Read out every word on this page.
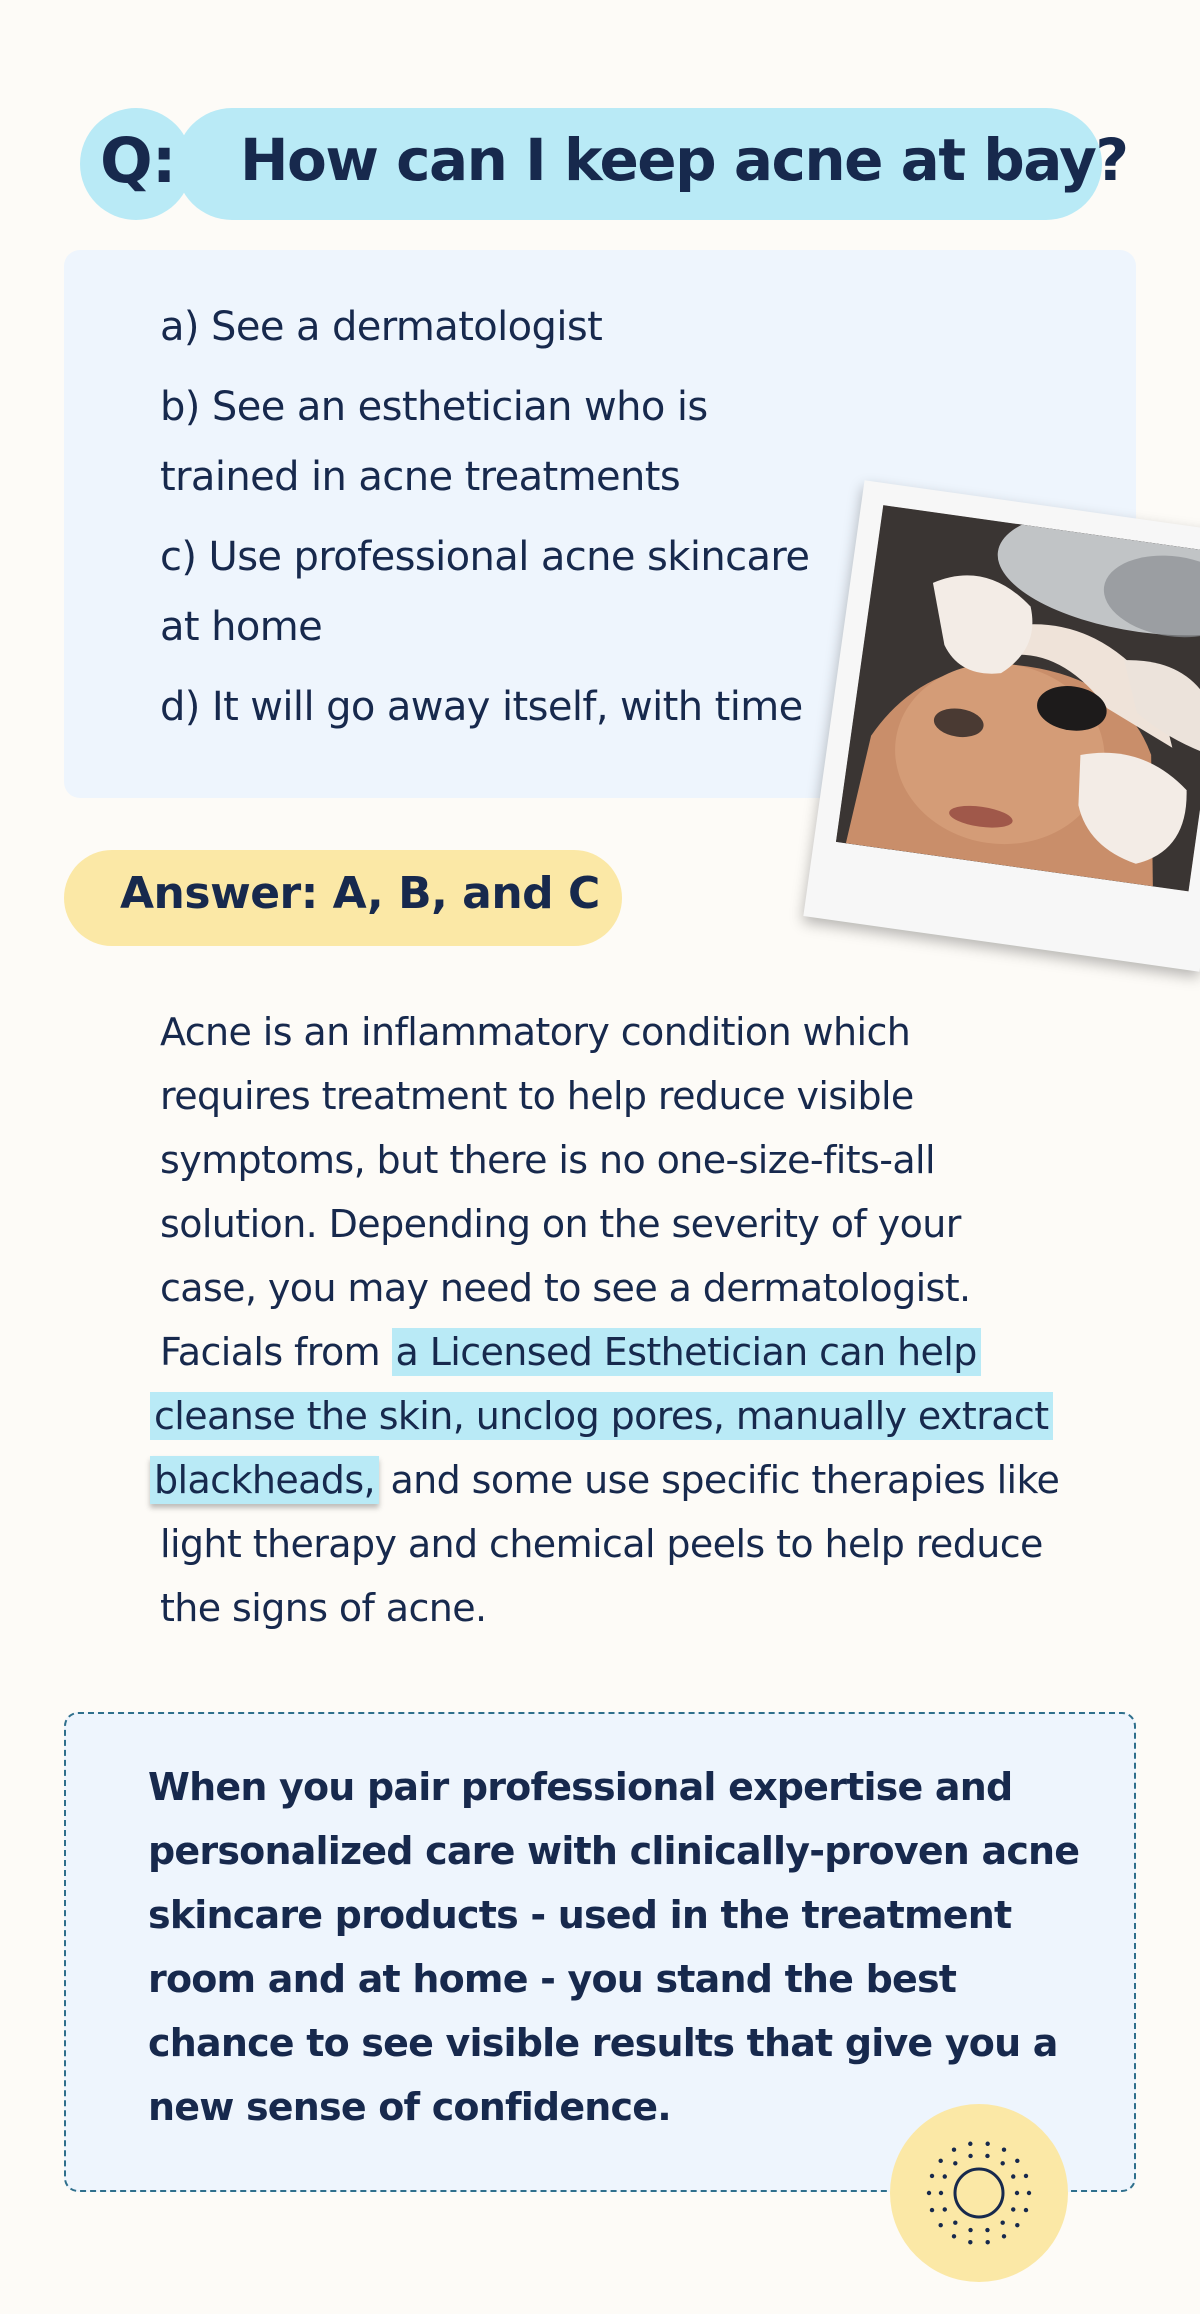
Q: How can I keep acne at bay?
a) See a dermatologist
b) See an esthetician who is
trained in acne treatments
c) Use professional acne skincare
at home
d) It will go away itself, with time
Answer: A, B, and C
Acne is an inflammatory condition which
requires treatment to help reduce visible
symptoms, but there is no one-size-fits-all
solution. Depending on the severity of your
case, you may need to see a dermatologist.
Facials from a Licensed Esthetician can help
cleanse the skin, unclog pores, manually extract
blackheads, and some use specific therapies like
light therapy and chemical peels to help reduce
the signs of acne.
When you pair professional expertise and
personalized care with clinically-proven acne
skincare products - used in the treatment
room and at home - you stand the best
chance to see visible results that give you a
new sense of confidence.
